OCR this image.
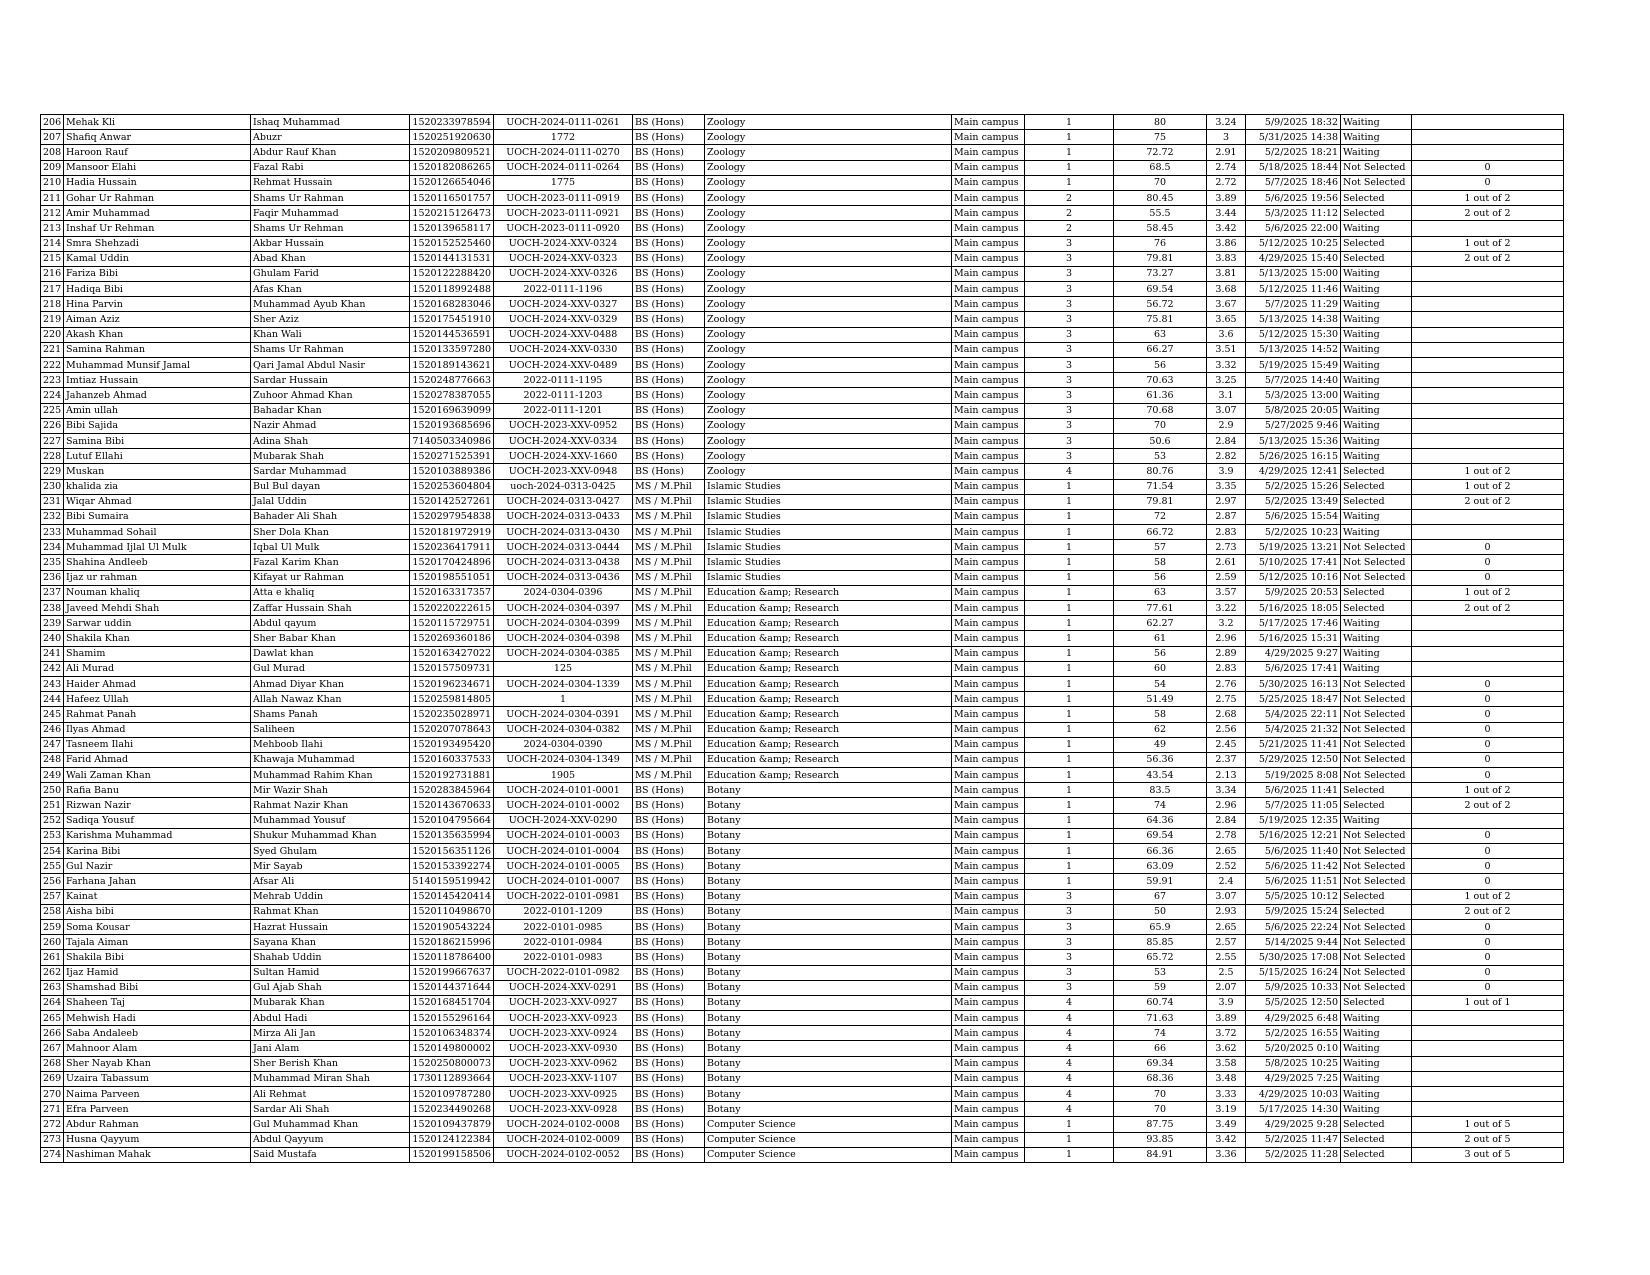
206	Mehak Kli	Ishaq Muhammad	1520233978594	UOCH-2024-0111-0261	BS (Hons)	Zoology	Main campus	1	80	3.24	5/9/2025 18:32	Waiting	
207	Shafiq Anwar	Abuzr	1520251920630	1772	BS (Hons)	Zoology	Main campus	1	75	3	5/31/2025 14:38	Waiting	
208	Haroon Rauf	Abdur Rauf Khan	1520209809521	UOCH-2024-0111-0270	BS (Hons)	Zoology	Main campus	1	72.72	2.91	5/2/2025 18:21	Waiting	
209	Mansoor Elahi	Fazal Rabi	1520182086265	UOCH-2024-0111-0264	BS (Hons)	Zoology	Main campus	1	68.5	2.74	5/18/2025 18:44	Not Selected	0
210	Hadia Hussain	Rehmat Hussain	1520126654046	1775	BS (Hons)	Zoology	Main campus	1	70	2.72	5/7/2025 18:46	Not Selected	0
211	Gohar Ur Rahman	Shams Ur Rahman	1520116501757	UOCH-2023-0111-0919	BS (Hons)	Zoology	Main campus	2	80.45	3.89	5/6/2025 19:56	Selected	1 out of 2
212	Amir Muhammad	Faqir Muhammad	1520215126473	UOCH-2023-0111-0921	BS (Hons)	Zoology	Main campus	2	55.5	3.44	5/3/2025 11:12	Selected	2 out of 2
213	Inshaf Ur Rehman	Shams Ur Rehman	1520139658117	UOCH-2023-0111-0920	BS (Hons)	Zoology	Main campus	2	58.45	3.42	5/6/2025 22:00	Waiting	
214	Smra Shehzadi	Akbar Hussain	1520152525460	UOCH-2024-XXV-0324	BS (Hons)	Zoology	Main campus	3	76	3.86	5/12/2025 10:25	Selected	1 out of 2
215	Kamal Uddin	Abad Khan	1520144131531	UOCH-2024-XXV-0323	BS (Hons)	Zoology	Main campus	3	79.81	3.83	4/29/2025 15:40	Selected	2 out of 2
216	Fariza Bibi	Ghulam Farid	1520122288420	UOCH-2024-XXV-0326	BS (Hons)	Zoology	Main campus	3	73.27	3.81	5/13/2025 15:00	Waiting	
217	Hadiqa Bibi	Afas Khan	1520118992488	2022-0111-1196	BS (Hons)	Zoology	Main campus	3	69.54	3.68	5/12/2025 11:46	Waiting	
218	Hina Parvin	Muhammad Ayub Khan	1520168283046	UOCH-2024-XXV-0327	BS (Hons)	Zoology	Main campus	3	56.72	3.67	5/7/2025 11:29	Waiting	
219	Aiman Aziz	Sher Aziz	1520175451910	UOCH-2024-XXV-0329	BS (Hons)	Zoology	Main campus	3	75.81	3.65	5/13/2025 14:38	Waiting	
220	Akash Khan	Khan Wali	1520144536591	UOCH-2024-XXV-0488	BS (Hons)	Zoology	Main campus	3	63	3.6	5/12/2025 15:30	Waiting	
221	Samina Rahman	Shams Ur Rahman	1520133597280	UOCH-2024-XXV-0330	BS (Hons)	Zoology	Main campus	3	66.27	3.51	5/13/2025 14:52	Waiting	
222	Muhammad Munsif Jamal	Qari Jamal Abdul Nasir	1520189143621	UOCH-2024-XXV-0489	BS (Hons)	Zoology	Main campus	3	56	3.32	5/19/2025 15:49	Waiting	
223	Imtiaz Hussain	Sardar Hussain	1520248776663	2022-0111-1195	BS (Hons)	Zoology	Main campus	3	70.63	3.25	5/7/2025 14:40	Waiting	
224	Jahanzeb Ahmad	Zuhoor Ahmad Khan	1520278387055	2022-0111-1203	BS (Hons)	Zoology	Main campus	3	61.36	3.1	5/3/2025 13:00	Waiting	
225	Amin ullah	Bahadar Khan	1520169639099	2022-0111-1201	BS (Hons)	Zoology	Main campus	3	70.68	3.07	5/8/2025 20:05	Waiting	
226	Bibi Sajida	Nazir Ahmad	1520193685696	UOCH-2023-XXV-0952	BS (Hons)	Zoology	Main campus	3	70	2.9	5/27/2025 9:46	Waiting	
227	Samina Bibi	Adina Shah	7140503340986	UOCH-2024-XXV-0334	BS (Hons)	Zoology	Main campus	3	50.6	2.84	5/13/2025 15:36	Waiting	
228	Lutuf Ellahi	Mubarak Shah	1520271525391	UOCH-2024-XXV-1660	BS (Hons)	Zoology	Main campus	3	53	2.82	5/26/2025 16:15	Waiting	
229	Muskan	Sardar Muhammad	1520103889386	UOCH-2023-XXV-0948	BS (Hons)	Zoology	Main campus	4	80.76	3.9	4/29/2025 12:41	Selected	1 out of 2
230	khalida zia	Bul Bul dayan	1520253604804	uoch-2024-0313-0425	MS / M.Phil	Islamic Studies	Main campus	1	71.54	3.35	5/2/2025 15:26	Selected	1 out of 2
231	Wiqar Ahmad	Jalal Uddin	1520142527261	UOCH-2024-0313-0427	MS / M.Phil	Islamic Studies	Main campus	1	79.81	2.97	5/2/2025 13:49	Selected	2 out of 2
232	Bibi Sumaira	Bahader Ali Shah	1520297954838	UOCH-2024-0313-0433	MS / M.Phil	Islamic Studies	Main campus	1	72	2.87	5/6/2025 15:54	Waiting	
233	Muhammad Sohail	Sher Dola Khan	1520181972919	UOCH-2024-0313-0430	MS / M.Phil	Islamic Studies	Main campus	1	66.72	2.83	5/2/2025 10:23	Waiting	
234	Muhammad Ijlal Ul Mulk	Iqbal Ul Mulk	1520236417911	UOCH-2024-0313-0444	MS / M.Phil	Islamic Studies	Main campus	1	57	2.73	5/19/2025 13:21	Not Selected	0
235	Shahina Andleeb	Fazal Karim Khan	1520170424896	UOCH-2024-0313-0438	MS / M.Phil	Islamic Studies	Main campus	1	58	2.61	5/10/2025 17:41	Not Selected	0
236	Ijaz ur rahman	Kifayat ur Rahman	1520198551051	UOCH-2024-0313-0436	MS / M.Phil	Islamic Studies	Main campus	1	56	2.59	5/12/2025 10:16	Not Selected	0
237	Nouman khaliq	Atta e khaliq	1520163317357	2024-0304-0396	MS / M.Phil	Education &amp; Research	Main campus	1	63	3.57	5/9/2025 20:53	Selected	1 out of 2
238	Javeed Mehdi Shah	Zaffar Hussain Shah	1520220222615	UOCH-2024-0304-0397	MS / M.Phil	Education &amp; Research	Main campus	1	77.61	3.22	5/16/2025 18:05	Selected	2 out of 2
239	Sarwar uddin	Abdul qayum	1520115729751	UOCH-2024-0304-0399	MS / M.Phil	Education &amp; Research	Main campus	1	62.27	3.2	5/17/2025 17:46	Waiting	
240	Shakila Khan	Sher Babar Khan	1520269360186	UOCH-2024-0304-0398	MS / M.Phil	Education &amp; Research	Main campus	1	61	2.96	5/16/2025 15:31	Waiting	
241	Shamim	Dawlat khan	1520163427022	UOCH-2024-0304-0385	MS / M.Phil	Education &amp; Research	Main campus	1	56	2.89	4/29/2025 9:27	Waiting	
242	Ali Murad	Gul Murad	1520157509731	125	MS / M.Phil	Education &amp; Research	Main campus	1	60	2.83	5/6/2025 17:41	Waiting	
243	Haider Ahmad	Ahmad Diyar Khan	1520196234671	UOCH-2024-0304-1339	MS / M.Phil	Education &amp; Research	Main campus	1	54	2.76	5/30/2025 16:13	Not Selected	0
244	Hafeez Ullah	Allah Nawaz Khan	1520259814805	1	MS / M.Phil	Education &amp; Research	Main campus	1	51.49	2.75	5/25/2025 18:47	Not Selected	0
245	Rahmat Panah	Shams Panah	1520235028971	UOCH-2024-0304-0391	MS / M.Phil	Education &amp; Research	Main campus	1	58	2.68	5/4/2025 22:11	Not Selected	0
246	Ilyas Ahmad	Saliheen	1520207078643	UOCH-2024-0304-0382	MS / M.Phil	Education &amp; Research	Main campus	1	62	2.56	5/4/2025 21:32	Not Selected	0
247	Tasneem Ilahi	Mehboob Ilahi	1520193495420	2024-0304-0390	MS / M.Phil	Education &amp; Research	Main campus	1	49	2.45	5/21/2025 11:41	Not Selected	0
248	Farid Ahmad	Khawaja Muhammad	1520160337533	UOCH-2024-0304-1349	MS / M.Phil	Education &amp; Research	Main campus	1	56.36	2.37	5/29/2025 12:50	Not Selected	0
249	Wali Zaman Khan	Muhammad Rahim Khan	1520192731881	1905	MS / M.Phil	Education &amp; Research	Main campus	1	43.54	2.13	5/19/2025 8:08	Not Selected	0
250	Rafia Banu	Mir Wazir Shah	1520283845964	UOCH-2024-0101-0001	BS (Hons)	Botany	Main campus	1	83.5	3.34	5/6/2025 11:41	Selected	1 out of 2
251	Rizwan Nazir	Rahmat Nazir Khan	1520143670633	UOCH-2024-0101-0002	BS (Hons)	Botany	Main campus	1	74	2.96	5/7/2025 11:05	Selected	2 out of 2
252	Sadiqa Yousuf	Muhammad Yousuf	1520104795664	UOCH-2024-XXV-0290	BS (Hons)	Botany	Main campus	1	64.36	2.84	5/19/2025 12:35	Waiting	
253	Karishma Muhammad	Shukur Muhammad Khan	1520135635994	UOCH-2024-0101-0003	BS (Hons)	Botany	Main campus	1	69.54	2.78	5/16/2025 12:21	Not Selected	0
254	Karina Bibi	Syed Ghulam	1520156351126	UOCH-2024-0101-0004	BS (Hons)	Botany	Main campus	1	66.36	2.65	5/6/2025 11:40	Not Selected	0
255	Gul Nazir	Mir Sayab	1520153392274	UOCH-2024-0101-0005	BS (Hons)	Botany	Main campus	1	63.09	2.52	5/6/2025 11:42	Not Selected	0
256	Farhana Jahan	Afsar Ali	5140159519942	UOCH-2024-0101-0007	BS (Hons)	Botany	Main campus	1	59.91	2.4	5/6/2025 11:51	Not Selected	0
257	Kainat	Mehrab Uddin	1520145420414	UOCH-2022-0101-0981	BS (Hons)	Botany	Main campus	3	67	3.07	5/5/2025 10:12	Selected	1 out of 2
258	Aisha bibi	Rahmat Khan	1520110498670	2022-0101-1209	BS (Hons)	Botany	Main campus	3	50	2.93	5/9/2025 15:24	Selected	2 out of 2
259	Soma Kousar	Hazrat Hussain	1520190543224	2022-0101-0985	BS (Hons)	Botany	Main campus	3	65.9	2.65	5/6/2025 22:24	Not Selected	0
260	Tajala Aiman	Sayana Khan	1520186215996	2022-0101-0984	BS (Hons)	Botany	Main campus	3	85.85	2.57	5/14/2025 9:44	Not Selected	0
261	Shakila Bibi	Shahab Uddin	1520118786400	2022-0101-0983	BS (Hons)	Botany	Main campus	3	65.72	2.55	5/30/2025 17:08	Not Selected	0
262	Ijaz Hamid	Sultan Hamid	1520199667637	UOCH-2022-0101-0982	BS (Hons)	Botany	Main campus	3	53	2.5	5/15/2025 16:24	Not Selected	0
263	Shamshad Bibi	Gul Ajab Shah	1520144371644	UOCH-2024-XXV-0291	BS (Hons)	Botany	Main campus	3	59	2.07	5/9/2025 10:33	Not Selected	0
264	Shaheen Taj	Mubarak Khan	1520168451704	UOCH-2023-XXV-0927	BS (Hons)	Botany	Main campus	4	60.74	3.9	5/5/2025 12:50	Selected	1 out of 1
265	Mehwish Hadi	Abdul Hadi	1520155296164	UOCH-2023-XXV-0923	BS (Hons)	Botany	Main campus	4	71.63	3.89	4/29/2025 6:48	Waiting	
266	Saba Andaleeb	Mirza Ali Jan	1520106348374	UOCH-2023-XXV-0924	BS (Hons)	Botany	Main campus	4	74	3.72	5/2/2025 16:55	Waiting	
267	Mahnoor Alam	Jani Alam	1520149800002	UOCH-2023-XXV-0930	BS (Hons)	Botany	Main campus	4	66	3.62	5/20/2025 0:10	Waiting	
268	Sher Nayab Khan	Sher Berish Khan	1520250800073	UOCH-2023-XXV-0962	BS (Hons)	Botany	Main campus	4	69.34	3.58	5/8/2025 10:25	Waiting	
269	Uzaira Tabassum	Muhammad Miran Shah	1730112893664	UOCH-2023-XXV-1107	BS (Hons)	Botany	Main campus	4	68.36	3.48	4/29/2025 7:25	Waiting	
270	Naima Parveen	Ali Rehmat	1520109787280	UOCH-2023-XXV-0925	BS (Hons)	Botany	Main campus	4	70	3.33	4/29/2025 10:03	Waiting	
271	Efra Parveen	Sardar Ali Shah	1520234490268	UOCH-2023-XXV-0928	BS (Hons)	Botany	Main campus	4	70	3.19	5/17/2025 14:30	Waiting	
272	Abdur Rahman	Gul Muhammad Khan	1520109437879	UOCH-2024-0102-0008	BS (Hons)	Computer Science	Main campus	1	87.75	3.49	4/29/2025 9:28	Selected	1 out of 5
273	Husna Qayyum	Abdul Qayyum	1520124122384	UOCH-2024-0102-0009	BS (Hons)	Computer Science	Main campus	1	93.85	3.42	5/2/2025 11:47	Selected	2 out of 5
274	Nashiman Mahak	Said Mustafa	1520199158506	UOCH-2024-0102-0052	BS (Hons)	Computer Science	Main campus	1	84.91	3.36	5/2/2025 11:28	Selected	3 out of 5
